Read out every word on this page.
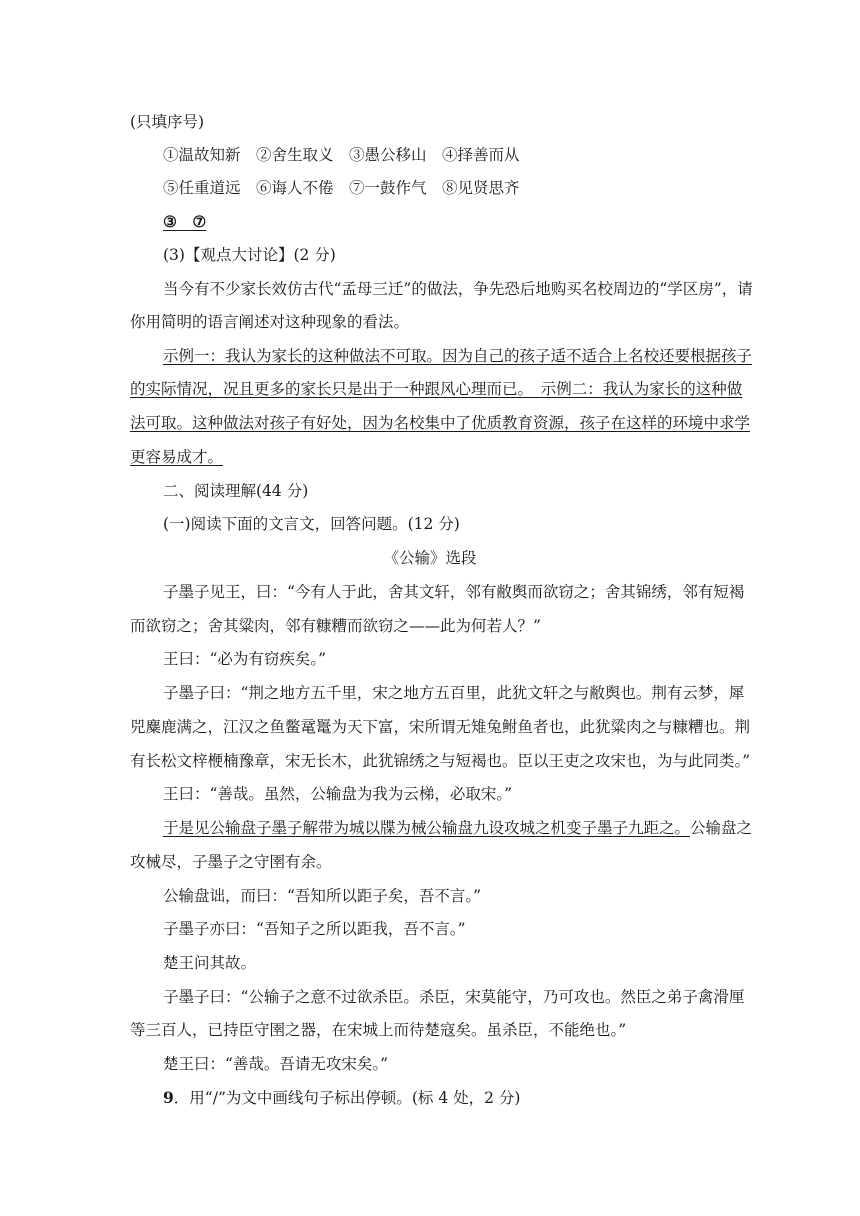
(只填序号)
①温故知新　②舍生取义　③愚公移山　④择善而从
⑤任重道远　⑥诲人不倦　⑦一鼓作气　⑧见贤思齐
③　⑦
(3)【观点大讨论】(2 分)
当今有不少家长效仿古代“孟母三迁”的做法，争先恐后地购买名校周边的“学区房”，请
你用简明的语言阐述对这种现象的看法。
示例一：我认为家长的这种做法不可取。因为自己的孩子适不适合上名校还要根据孩子
的实际情况，况且更多的家长只是出于一种跟风心理而已。　示例二：我认为家长的这种做
法可取。这种做法对孩子有好处，因为名校集中了优质教育资源，孩子在这样的环境中求学
更容易成才。
二、阅读理解(44 分)
(一)阅读下面的文言文，回答问题。(12 分)
《公输》选段
子墨子见王，曰：“今有人于此，舍其文轩，邻有敝舆而欲窃之；舍其锦绣，邻有短褐
而欲窃之；舍其粱肉，邻有糠糟而欲窃之——此为何若人？”
王曰：“必为有窃疾矣。”
子墨子曰：“荆之地方五千里，宋之地方五百里，此犹文轩之与敝舆也。荆有云梦，犀
兕麋鹿满之，江汉之鱼鳖鼋鼍为天下富，宋所谓无雉兔鲋鱼者也，此犹粱肉之与糠糟也。荆
有长松文梓楩楠豫章，宋无长木，此犹锦绣之与短褐也。臣以王吏之攻宋也，为与此同类。”
王曰：“善哉。虽然，公输盘为我为云梯，必取宋。”
于是见公输盘子墨子解带为城以牒为械公输盘九设攻城之机变子墨子九距之。公输盘之
攻械尽，子墨子之守圉有余。
公输盘诎，而曰：“吾知所以距子矣，吾不言。”
子墨子亦曰：“吾知子之所以距我，吾不言。”
楚王问其故。
子墨子曰：“公输子之意不过欲杀臣。杀臣，宋莫能守，乃可攻也。然臣之弟子禽滑厘
等三百人，已持臣守圉之器，在宋城上而待楚寇矣。虽杀臣，不能绝也。”
楚王曰：“善哉。吾请无攻宋矣。”
9．用“/”为文中画线句子标出停顿。(标 4 处，2 分)
